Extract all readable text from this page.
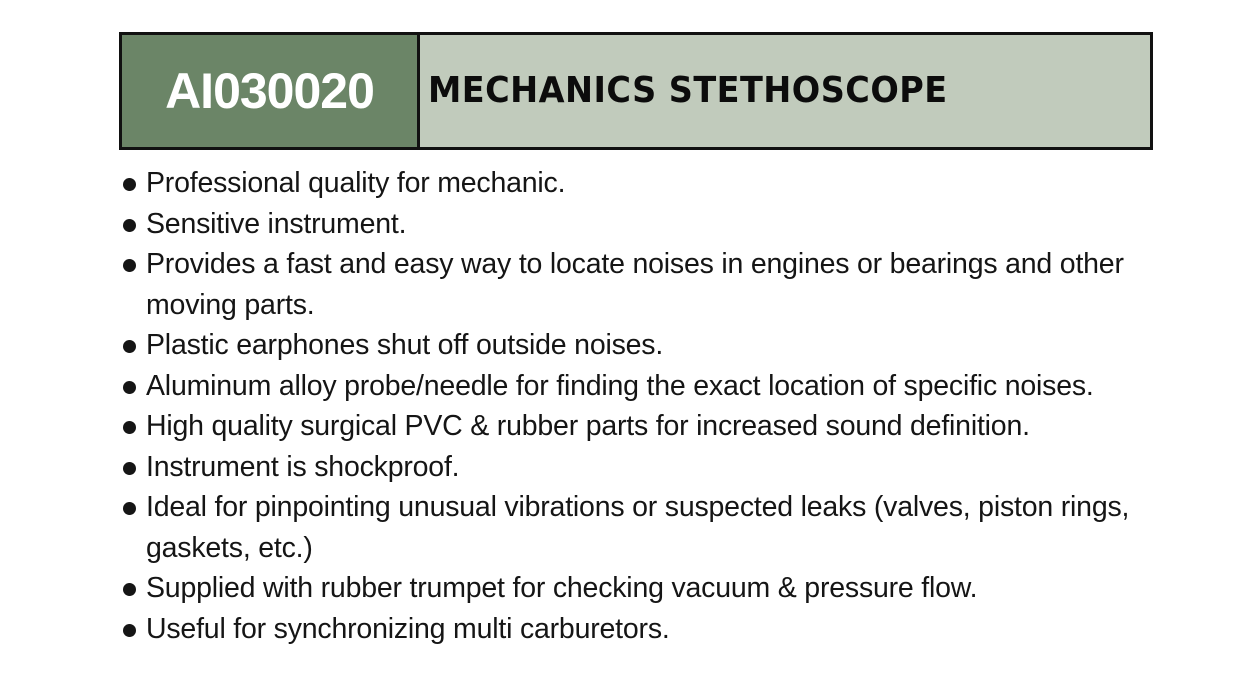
AI030020 MECHANICS STETHOSCOPE
Professional quality for mechanic.
Sensitive instrument.
Provides a fast and easy way to locate noises in engines or bearings and other moving parts.
Plastic earphones shut off outside noises.
Aluminum alloy probe/needle for finding the exact location of specific noises.
High quality surgical PVC & rubber parts for increased sound definition.
Instrument is shockproof.
Ideal for pinpointing unusual vibrations or suspected leaks (valves, piston rings, gaskets, etc.)
Supplied with rubber trumpet for checking vacuum & pressure flow.
Useful for synchronizing multi carburetors.
